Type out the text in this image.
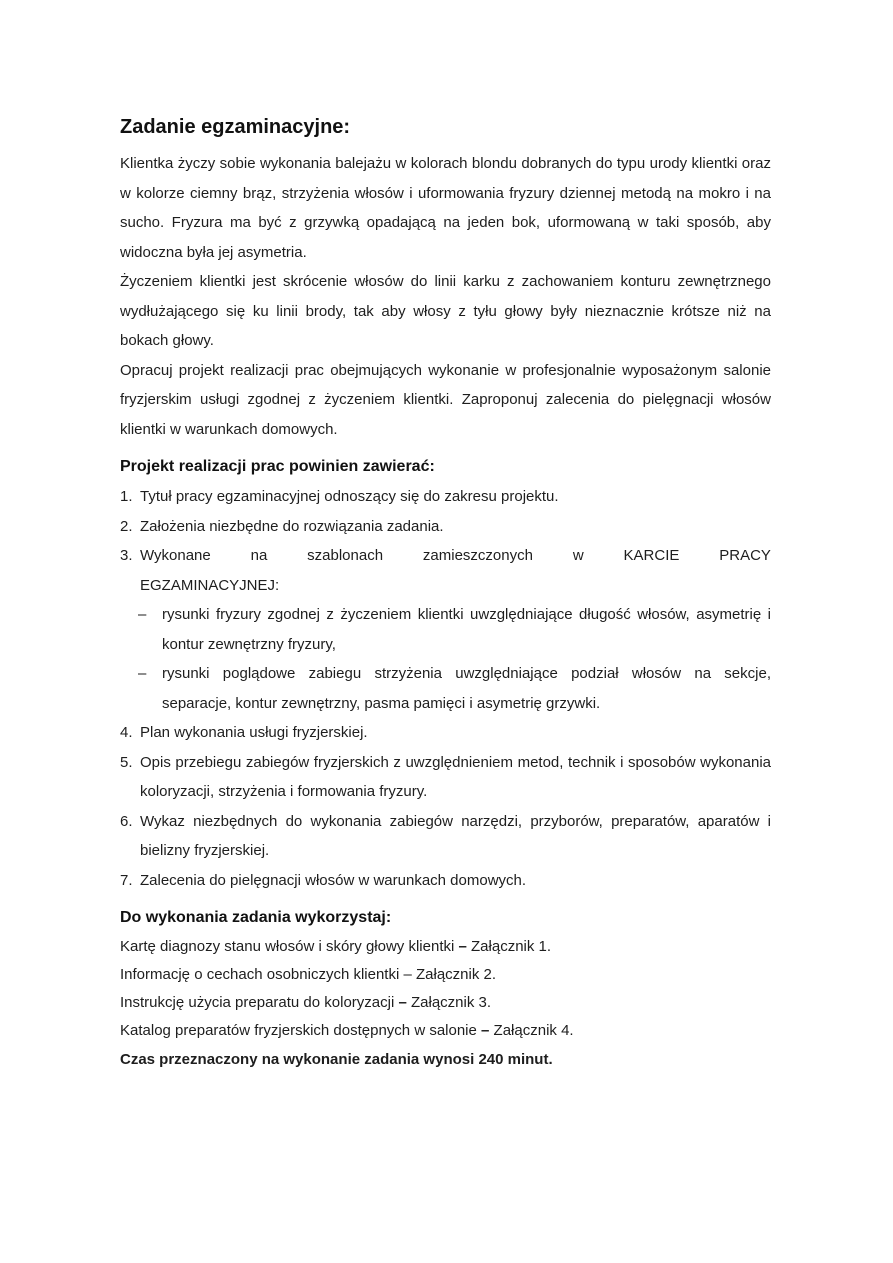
Zadanie egzaminacyjne:

Klientka życzy sobie wykonania balejażu w kolorach blondu dobranych do typu urody klientki oraz w kolorze ciemny brąz, strzyżenia włosów i uformowania fryzury dziennej metodą na mokro i na sucho. Fryzura ma być z grzywką opadającą na jeden bok, uformowaną w taki sposób, aby widoczna była jej asymetria.

Życzeniem klientki jest skrócenie włosów do linii karku z zachowaniem konturu zewnętrznego wydłużającego się ku linii brody, tak aby włosy z tyłu głowy były nieznacznie krótsze niż na bokach głowy.

Opracuj projekt realizacji prac obejmujących wykonanie w profesjonalnie wyposażonym salonie fryzjerskim usługi zgodnej z życzeniem klientki. Zaproponuj zalecenia do pielęgnacji włosów klientki w warunkach domowych.

Projekt realizacji prac powinien zawierać:
1. Tytuł pracy egzaminacyjnej odnoszący się do zakresu projektu.
2. Założenia niezbędne do rozwiązania zadania.
3. Wykonane	na	szablonach	zamieszczonych	w	KARCIE	PRACY
EGZAMINACYJNEJ:
– rysunki fryzury zgodnej z życzeniem klientki uwzględniające długość włosów, asymetrię i kontur zewnętrzny fryzury,
– rysunki poglądowe zabiegu strzyżenia uwzględniające podział włosów na sekcje, separacje, kontur zewnętrzny, pasma pamięci i asymetrię grzywki.
4. Plan wykonania usługi fryzjerskiej.
5. Opis przebiegu zabiegów fryzjerskich z uwzględnieniem metod, technik i sposobów wykonania koloryzacji, strzyżenia i formowania fryzury.
6. Wykaz niezbędnych do wykonania zabiegów narzędzi, przyborów, preparatów, aparatów i bielizny fryzjerskiej.
7. Zalecenia do pielęgnacji włosów w warunkach domowych.
Do wykonania zadania wykorzystaj:
Kartę diagnozy stanu włosów i skóry głowy klientki – Załącznik 1.
Informację o cechach osobniczych klientki – Załącznik 2.
Instrukcję użycia preparatu do koloryzacji – Załącznik 3.
Katalog preparatów fryzjerskich dostępnych w salonie – Załącznik 4.
Czas przeznaczony na wykonanie zadania wynosi 240 minut.
